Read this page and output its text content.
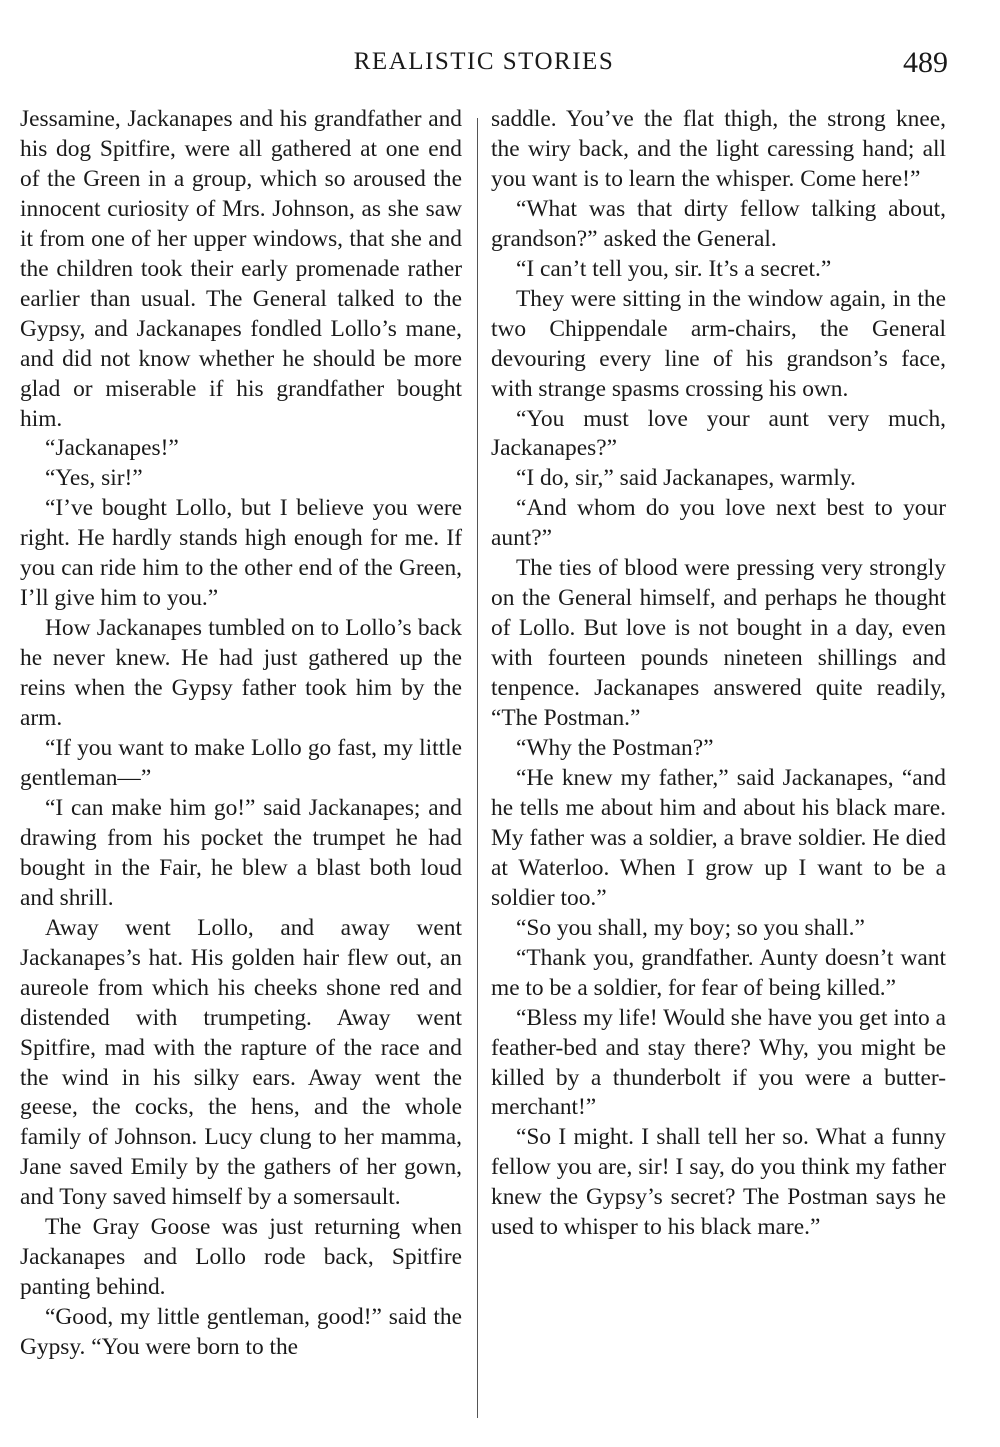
REALISTIC STORIES	489

Jessamine, Jackanapes and his grandfather and his dog Spitfire, were all gathered at one end of the Green in a group, which so aroused the innocent curiosity of Mrs. Johnson, as she saw it from one of her upper windows, that she and the children took their early promenade rather earlier than usual. The General talked to the Gypsy, and Jackanapes fondled Lollo’s mane, and did not know whether he should be more glad or miserable if his grandfather bought him.

“Jackanapes!”

“Yes, sir!”

“I’ve bought Lollo, but I believe you were right. He hardly stands high enough for me. If you can ride him to the other end of the Green, I’ll give him to you.”

How Jackanapes tumbled on to Lollo’s back he never knew. He had just gathered up the reins when the Gypsy father took him by the arm.

“If you want to make Lollo go fast, my little gentleman—”

“I can make him go!” said Jackanapes; and drawing from his pocket the trumpet he had bought in the Fair, he blew a blast both loud and shrill.

Away went Lollo, and away went Jackanapes’s hat. His golden hair flew out, an aureole from which his cheeks shone red and distended with trumpeting. Away went Spitfire, mad with the rapture of the race and the wind in his silky ears. Away went the geese, the cocks, the hens, and the whole family of Johnson. Lucy clung to her mamma, Jane saved Emily by the gathers of her gown, and Tony saved himself by a somersault.

The Gray Goose was just returning when Jackanapes and Lollo rode back, Spitfire panting behind.

“Good, my little gentleman, good!” said the Gypsy. “You were born to the

saddle. You’ve the flat thigh, the strong knee, the wiry back, and the light caressing hand; all you want is to learn the whisper. Come here!”

“What was that dirty fellow talking about, grandson?” asked the General.

“I can’t tell you, sir. It’s a secret.”

They were sitting in the window again, in the two Chippendale arm-chairs, the General devouring every line of his grandson’s face, with strange spasms crossing his own.

“You must love your aunt very much, Jackanapes?”

“I do, sir,” said Jackanapes, warmly.

“And whom do you love next best to your aunt?”

The ties of blood were pressing very strongly on the General himself, and perhaps he thought of Lollo. But love is not bought in a day, even with fourteen pounds nineteen shillings and tenpence. Jackanapes answered quite readily, “The Postman.”

“Why the Postman?”

“He knew my father,” said Jackanapes, “and he tells me about him and about his black mare. My father was a soldier, a brave soldier. He died at Waterloo. When I grow up I want to be a soldier too.”

“So you shall, my boy; so you shall.”

“Thank you, grandfather. Aunty doesn’t want me to be a soldier, for fear of being killed.”

“Bless my life! Would she have you get into a feather-bed and stay there? Why, you might be killed by a thunderbolt if you were a butter-merchant!”

“So I might. I shall tell her so. What a funny fellow you are, sir! I say, do you think my father knew the Gypsy’s secret? The Postman says he used to whisper to his black mare.”
